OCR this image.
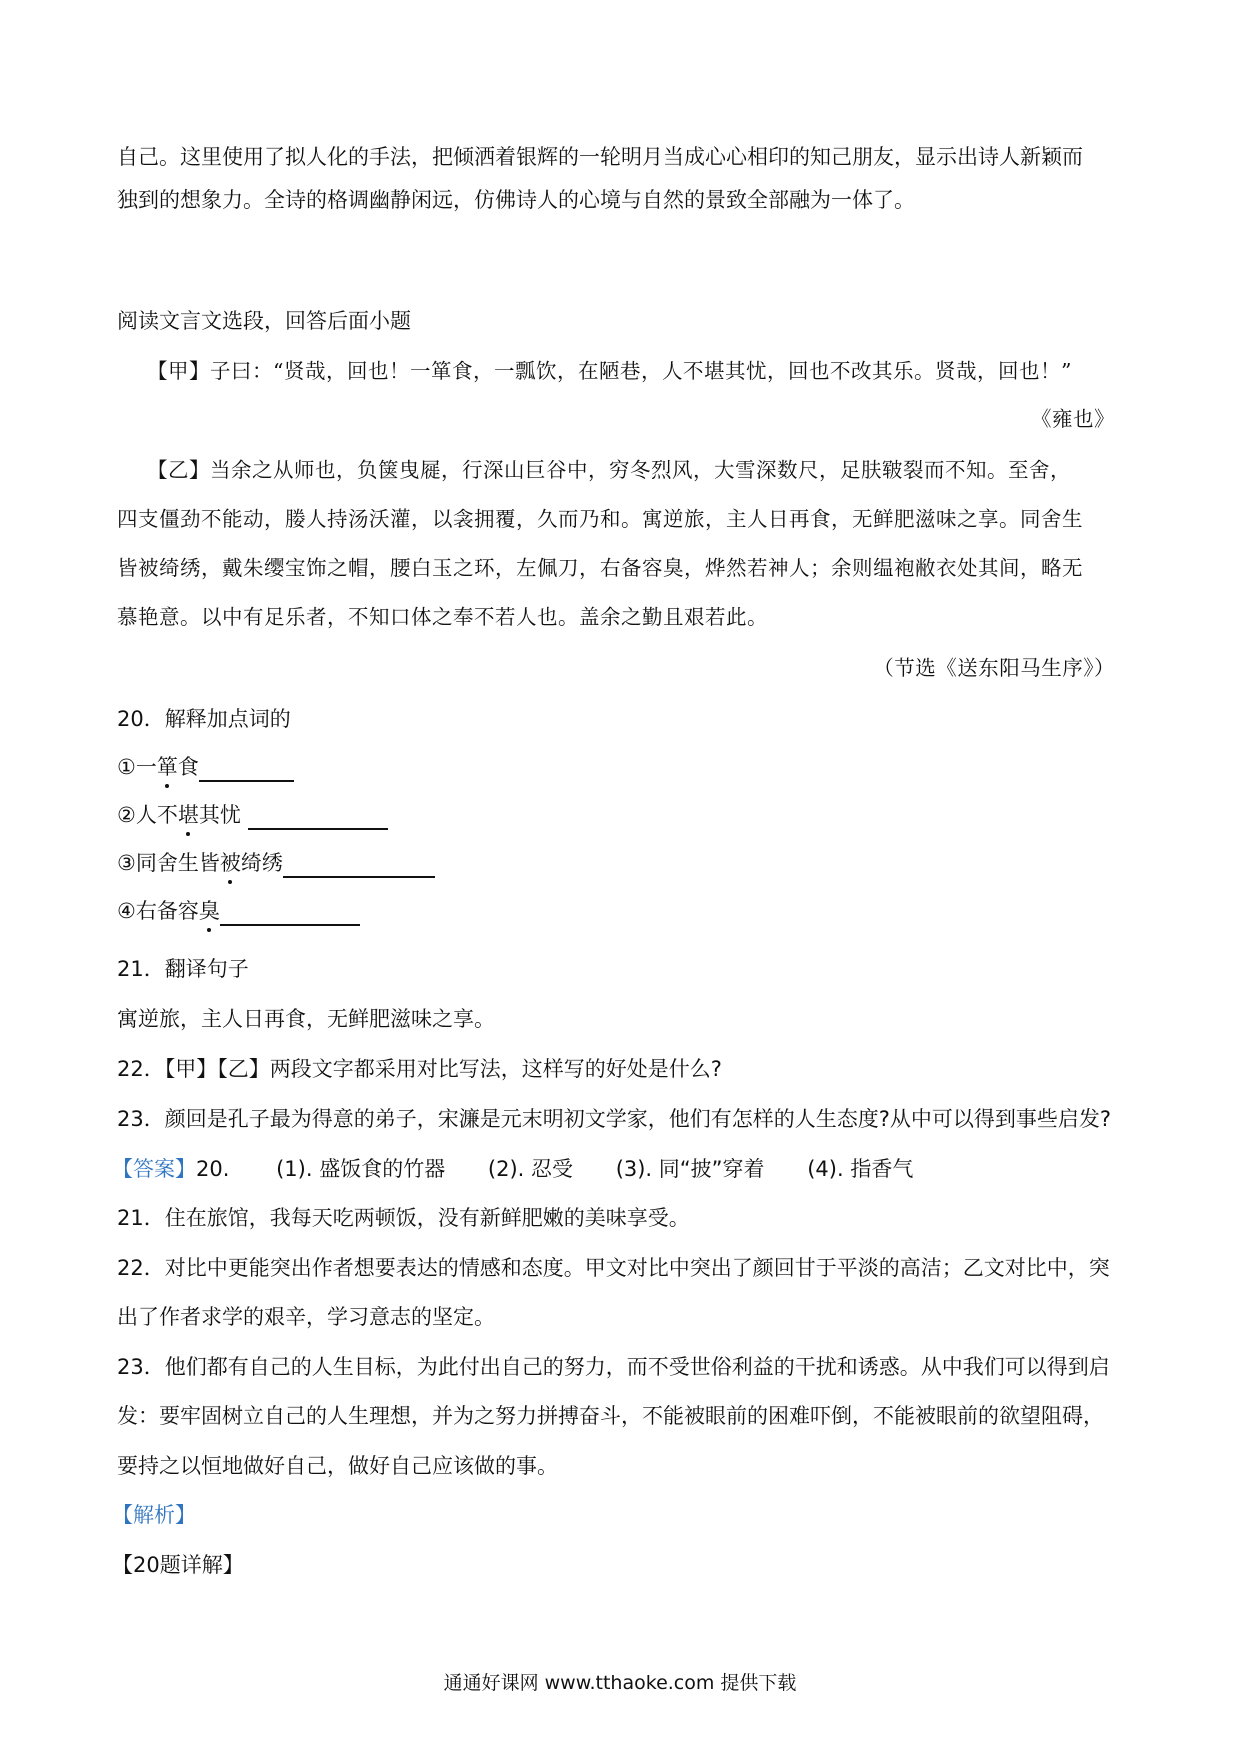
自己。这里使用了拟人化的手法，把倾洒着银辉的一轮明月当成心心相印的知己朋友，显示出诗人新颖而
独到的想象力。全诗的格调幽静闲远，仿佛诗人的心境与自然的景致全部融为一体了。
阅读文言文选段，回答后面小题
【甲】子曰：“贤哉，回也！一箪食，一瓢饮，在陋巷，人不堪其忧，回也不改其乐。贤哉，回也！”
《雍也》
【乙】当余之从师也，负箧曳屣，行深山巨谷中，穷冬烈风，大雪深数尺，足肤皲裂而不知。至舍，
四支僵劲不能动，媵人持汤沃灌，以衾拥覆，久而乃和。寓逆旅，主人日再食，无鲜肥滋味之享。同舍生
皆被绮绣，戴朱缨宝饰之帽，腰白玉之环，左佩刀，右备容臭，烨然若神人；余则缊袍敝衣处其间，略无
慕艳意。以中有足乐者，不知口体之奉不若人也。盖余之勤且艰若此。
（节选《送东阳马生序》）
20．解释加点词的
①一箪食
②人不堪其忧
③同舍生皆被绮绣
④右备容臭
21．翻译句子
寓逆旅，主人日再食，无鲜肥滋味之享。
22．【甲】【乙】两段文字都采用对比写法，这样写的好处是什么?
23．颜回是孔子最为得意的弟子，宋濂是元末明初文学家，他们有怎样的人生态度?从中可以得到事些启发?
【答案】20. (1). 盛饭食的竹器 (2). 忍受 (3). 同“披”穿着 (4). 指香气
21．住在旅馆，我每天吃两顿饭，没有新鲜肥嫩的美味享受。
22．对比中更能突出作者想要表达的情感和态度。甲文对比中突出了颜回甘于平淡的高洁；乙文对比中，突
出了作者求学的艰辛，学习意志的坚定。
23．他们都有自己的人生目标，为此付出自己的努力，而不受世俗利益的干扰和诱惑。从中我们可以得到启
发：要牢固树立自己的人生理想，并为之努力拼搏奋斗，不能被眼前的困难吓倒，不能被眼前的欲望阻碍，
要持之以恒地做好自己，做好自己应该做的事。
【解析】
【20题详解】
通通好课网 www.tthaoke.com 提供下载
